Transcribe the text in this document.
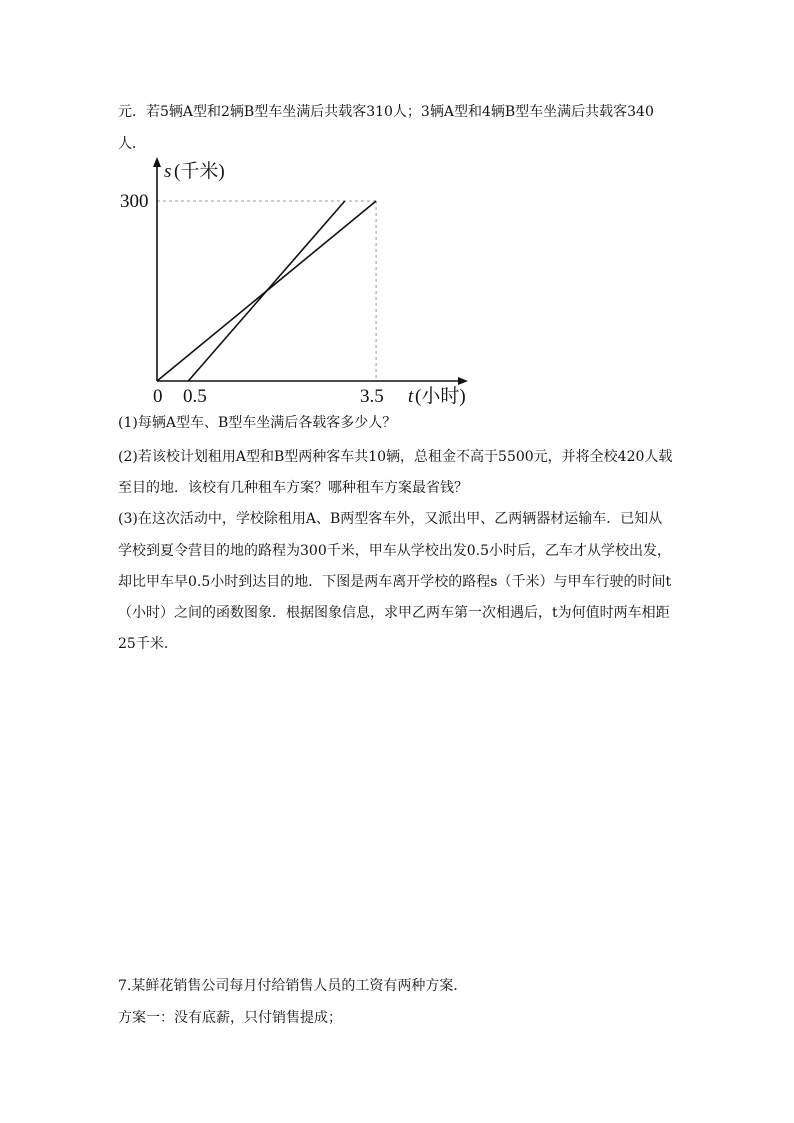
元．若5辆A型和2辆B型车坐满后共载客310人；3辆A型和4辆B型车坐满后共载客340
人．
s (千米)
300
0 0.5	3.5 t (小时)
(1)每辆A型车、B型车坐满后各载客多少人？
(2)若该校计划租用A型和B型两种客车共10辆，总租金不高于5500元，并将全校420人载
至目的地．该校有几种租车方案？哪种租车方案最省钱？
(3)在这次活动中，学校除租用A、B两型客车外，又派出甲、乙两辆器材运输车．已知从
学校到夏令营目的地的路程为300千米，甲车从学校出发0.5小时后，乙车才从学校出发，
却比甲车早0.5小时到达目的地．下图是两车离开学校的路程s（千米）与甲车行驶的时间t
（小时）之间的函数图象．根据图象信息，求甲乙两车第一次相遇后，t为何值时两车相距
25千米．
7.某鲜花销售公司每月付给销售人员的工资有两种方案．
方案一：没有底薪，只付销售提成；
